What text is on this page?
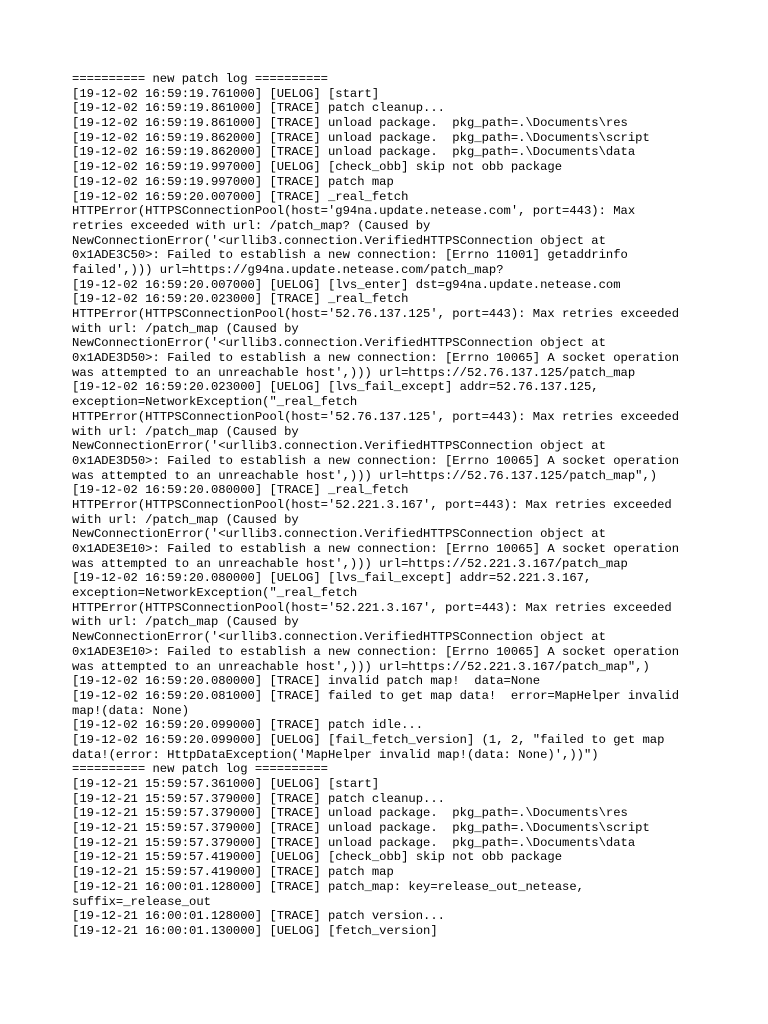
========== new patch log ==========
[19-12-02 16:59:19.761000] [UELOG] [start]
[19-12-02 16:59:19.861000] [TRACE] patch cleanup...
[19-12-02 16:59:19.861000] [TRACE] unload package.  pkg_path=.\Documents\res
[19-12-02 16:59:19.862000] [TRACE] unload package.  pkg_path=.\Documents\script
[19-12-02 16:59:19.862000] [TRACE] unload package.  pkg_path=.\Documents\data
[19-12-02 16:59:19.997000] [UELOG] [check_obb] skip not obb package
[19-12-02 16:59:19.997000] [TRACE] patch map
[19-12-02 16:59:20.007000] [TRACE] _real_fetch
HTTPError(HTTPSConnectionPool(host='g94na.update.netease.com', port=443): Max
retries exceeded with url: /patch_map? (Caused by
NewConnectionError('<urllib3.connection.VerifiedHTTPSConnection object at
0x1ADE3C50>: Failed to establish a new connection: [Errno 11001] getaddrinfo
failed',))) url=https://g94na.update.netease.com/patch_map?
[19-12-02 16:59:20.007000] [UELOG] [lvs_enter] dst=g94na.update.netease.com
[19-12-02 16:59:20.023000] [TRACE] _real_fetch
HTTPError(HTTPSConnectionPool(host='52.76.137.125', port=443): Max retries exceeded
with url: /patch_map (Caused by
NewConnectionError('<urllib3.connection.VerifiedHTTPSConnection object at
0x1ADE3D50>: Failed to establish a new connection: [Errno 10065] A socket operation
was attempted to an unreachable host',))) url=https://52.76.137.125/patch_map
[19-12-02 16:59:20.023000] [UELOG] [lvs_fail_except] addr=52.76.137.125,
exception=NetworkException("_real_fetch
HTTPError(HTTPSConnectionPool(host='52.76.137.125', port=443): Max retries exceeded
with url: /patch_map (Caused by
NewConnectionError('<urllib3.connection.VerifiedHTTPSConnection object at
0x1ADE3D50>: Failed to establish a new connection: [Errno 10065] A socket operation
was attempted to an unreachable host',))) url=https://52.76.137.125/patch_map",)
[19-12-02 16:59:20.080000] [TRACE] _real_fetch
HTTPError(HTTPSConnectionPool(host='52.221.3.167', port=443): Max retries exceeded
with url: /patch_map (Caused by
NewConnectionError('<urllib3.connection.VerifiedHTTPSConnection object at
0x1ADE3E10>: Failed to establish a new connection: [Errno 10065] A socket operation
was attempted to an unreachable host',))) url=https://52.221.3.167/patch_map
[19-12-02 16:59:20.080000] [UELOG] [lvs_fail_except] addr=52.221.3.167,
exception=NetworkException("_real_fetch
HTTPError(HTTPSConnectionPool(host='52.221.3.167', port=443): Max retries exceeded
with url: /patch_map (Caused by
NewConnectionError('<urllib3.connection.VerifiedHTTPSConnection object at
0x1ADE3E10>: Failed to establish a new connection: [Errno 10065] A socket operation
was attempted to an unreachable host',))) url=https://52.221.3.167/patch_map",)
[19-12-02 16:59:20.080000] [TRACE] invalid patch map!  data=None
[19-12-02 16:59:20.081000] [TRACE] failed to get map data!  error=MapHelper invalid
map!(data: None)
[19-12-02 16:59:20.099000] [TRACE] patch idle...
[19-12-02 16:59:20.099000] [UELOG] [fail_fetch_version] (1, 2, "failed to get map
data!(error: HttpDataException('MapHelper invalid map!(data: None)',))")
========== new patch log ==========
[19-12-21 15:59:57.361000] [UELOG] [start]
[19-12-21 15:59:57.379000] [TRACE] patch cleanup...
[19-12-21 15:59:57.379000] [TRACE] unload package.  pkg_path=.\Documents\res
[19-12-21 15:59:57.379000] [TRACE] unload package.  pkg_path=.\Documents\script
[19-12-21 15:59:57.379000] [TRACE] unload package.  pkg_path=.\Documents\data
[19-12-21 15:59:57.419000] [UELOG] [check_obb] skip not obb package
[19-12-21 15:59:57.419000] [TRACE] patch map
[19-12-21 16:00:01.128000] [TRACE] patch_map: key=release_out_netease,
suffix=_release_out
[19-12-21 16:00:01.128000] [TRACE] patch version...
[19-12-21 16:00:01.130000] [UELOG] [fetch_version]
